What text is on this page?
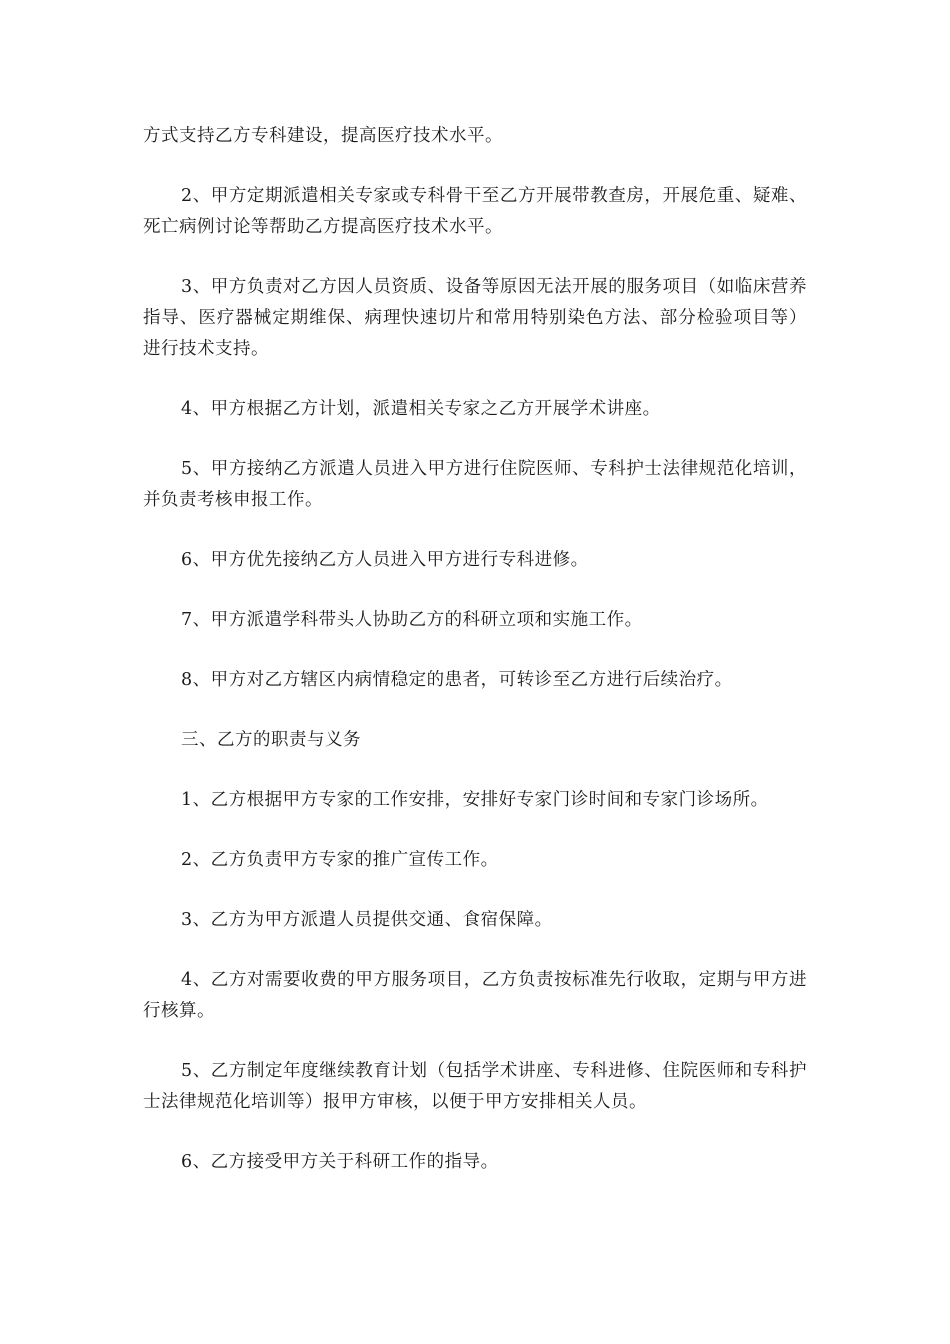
方式支持乙方专科建设，提高医疗技术水平。

2、甲方定期派遣相关专家或专科骨干至乙方开展带教查房，开展危重、疑难、死亡病例讨论等帮助乙方提高医疗技术水平。

3、甲方负责对乙方因人员资质、设备等原因无法开展的服务项目（如临床营养指导、医疗器械定期维保、病理快速切片和常用特别染色方法、部分检验项目等）进行技术支持。

4、甲方根据乙方计划，派遣相关专家之乙方开展学术讲座。

5、甲方接纳乙方派遣人员进入甲方进行住院医师、专科护士法律规范化培训，并负责考核申报工作。

6、甲方优先接纳乙方人员进入甲方进行专科进修。

7、甲方派遣学科带头人协助乙方的科研立项和实施工作。

8、甲方对乙方辖区内病情稳定的患者，可转诊至乙方进行后续治疗。

三、乙方的职责与义务

1、乙方根据甲方专家的工作安排，安排好专家门诊时间和专家门诊场所。

2、乙方负责甲方专家的推广宣传工作。

3、乙方为甲方派遣人员提供交通、食宿保障。

4、乙方对需要收费的甲方服务项目，乙方负责按标准先行收取，定期与甲方进行核算。

5、乙方制定年度继续教育计划（包括学术讲座、专科进修、住院医师和专科护士法律规范化培训等）报甲方审核，以便于甲方安排相关人员。

6、乙方接受甲方关于科研工作的指导。
